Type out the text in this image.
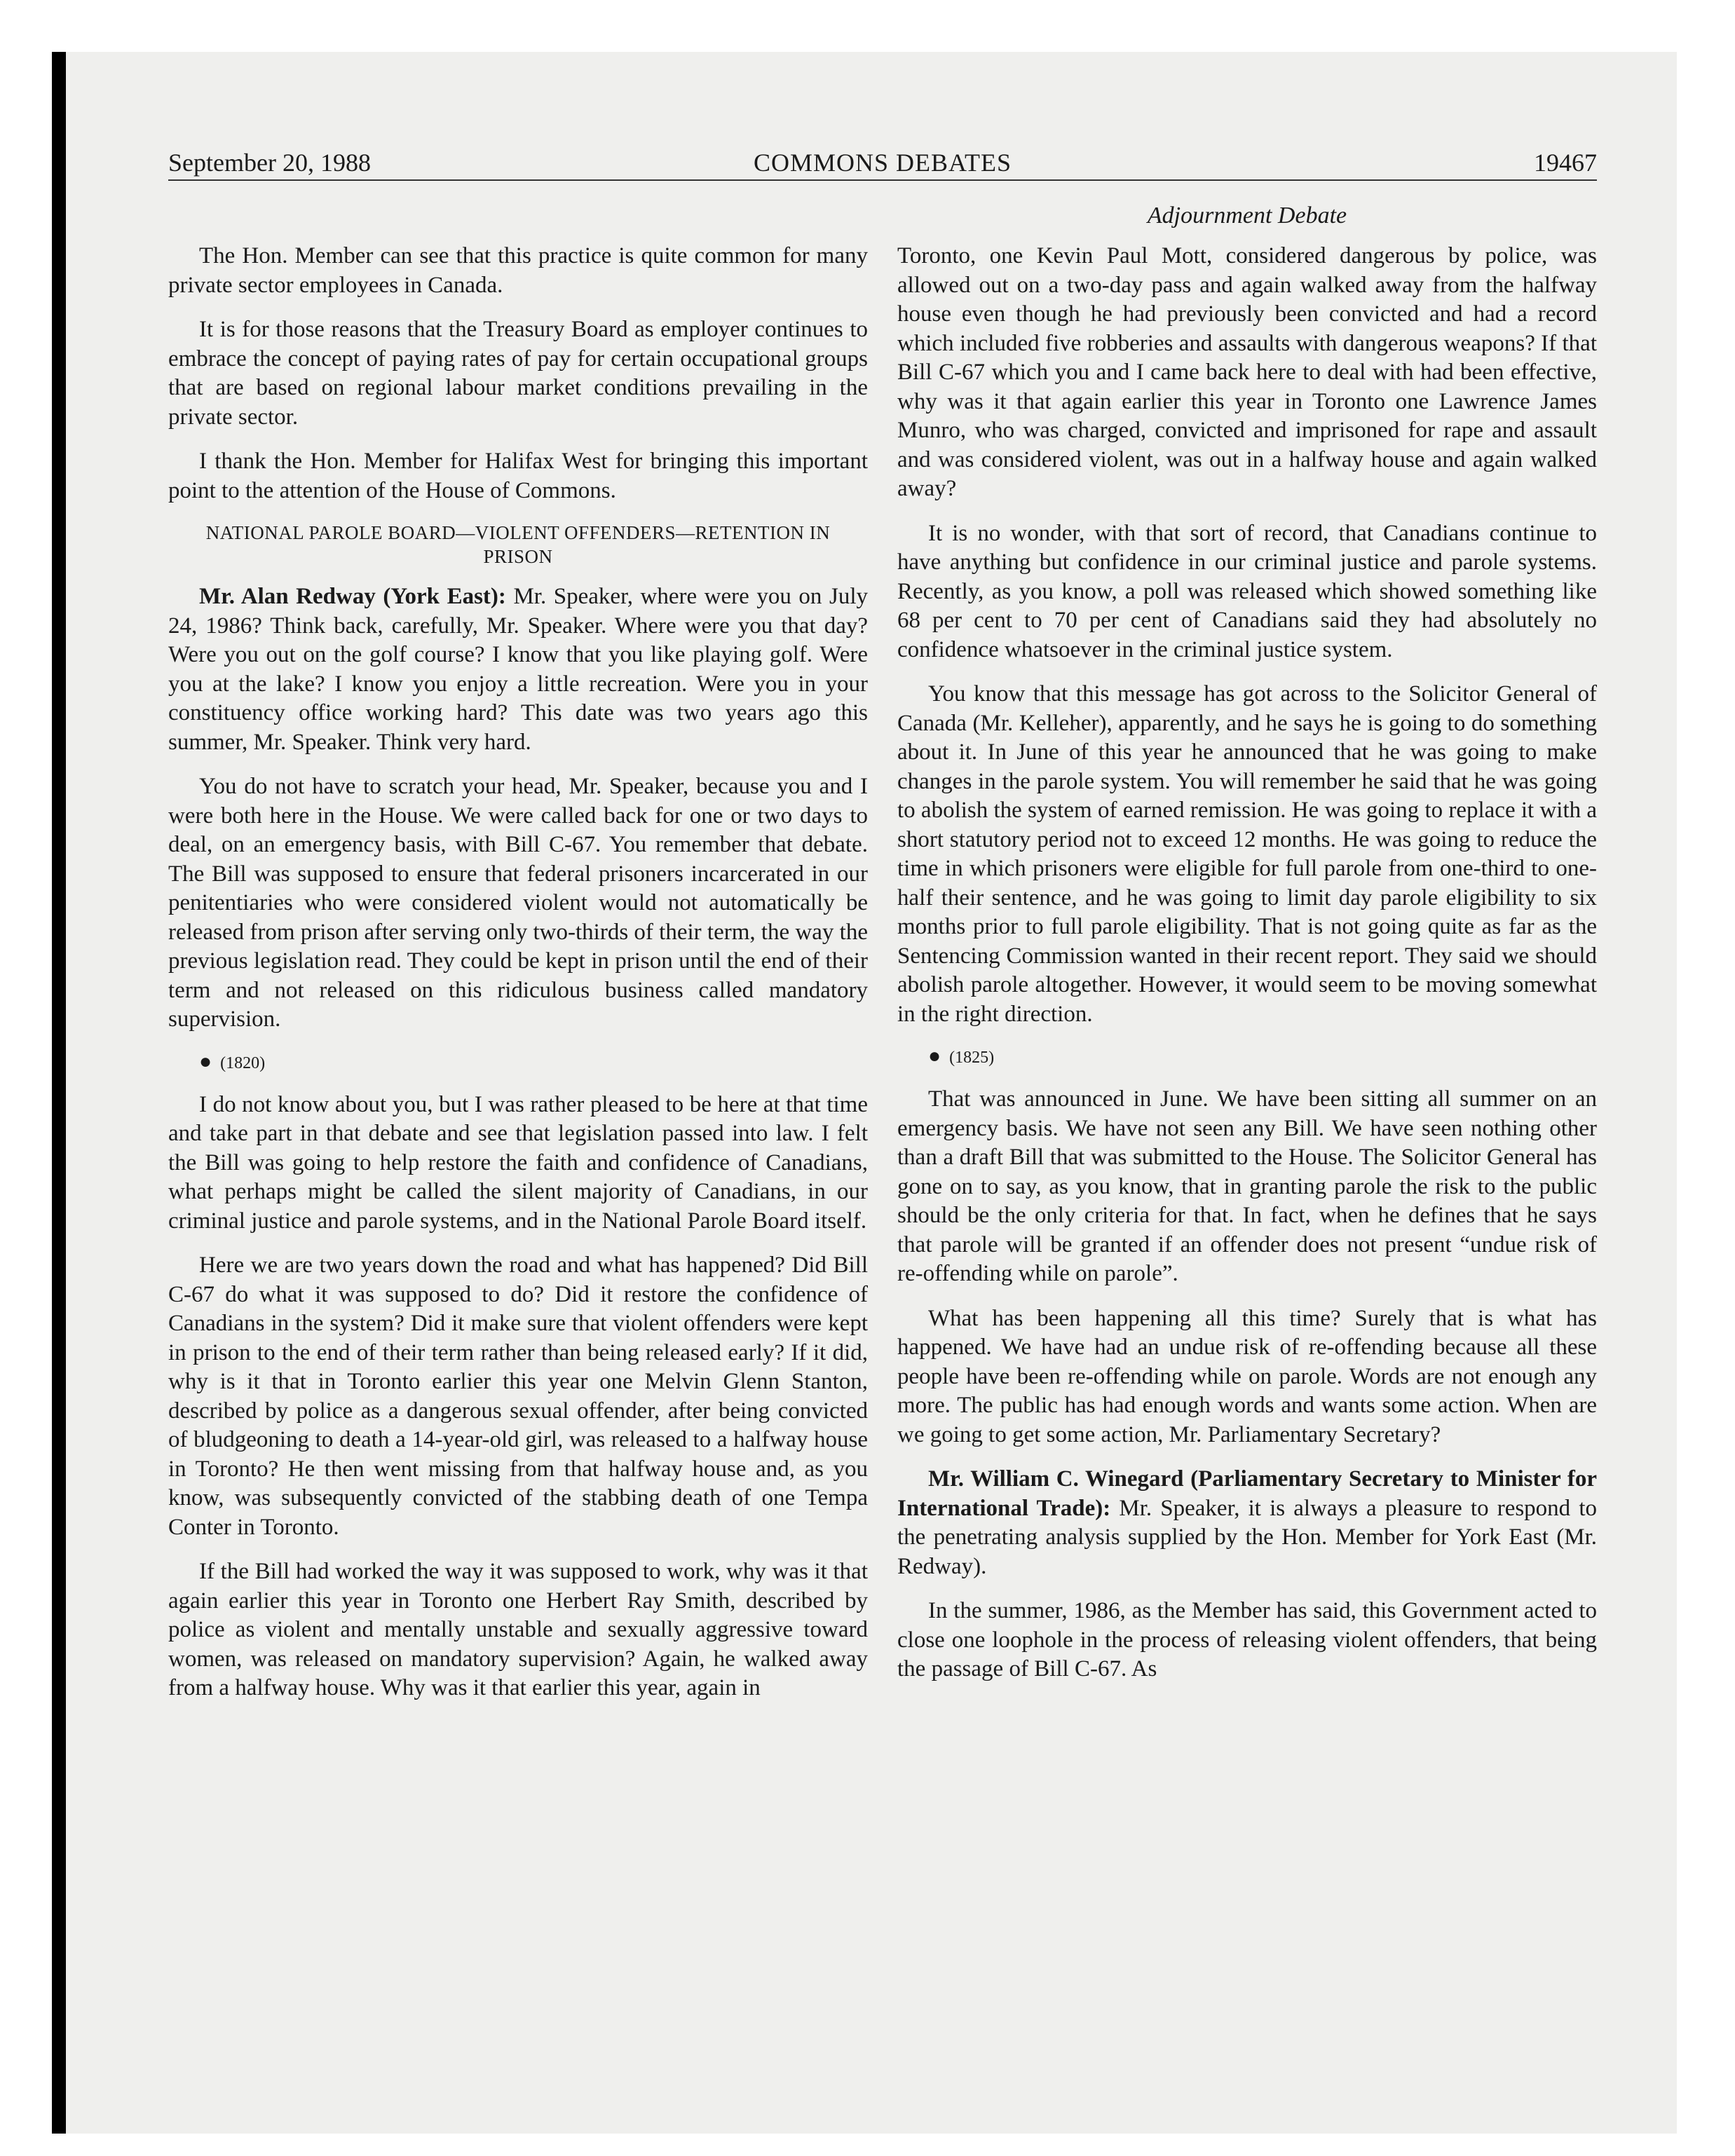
September 20, 1988	COMMONS DEBATES	19467
Adjournment Debate

The Hon. Member can see that this practice is quite common for many private sector employees in Canada.

It is for those reasons that the Treasury Board as employer continues to embrace the concept of paying rates of pay for certain occupational groups that are based on regional labour market conditions prevailing in the private sector.

I thank the Hon. Member for Halifax West for bringing this important point to the attention of the House of Commons.

NATIONAL PAROLE BOARD—VIOLENT OFFENDERS—RETENTION IN PRISON

Mr. Alan Redway (York East): Mr. Speaker, where were you on July 24, 1986? Think back, carefully, Mr. Speaker. Where were you that day? Were you out on the golf course? I know that you like playing golf. Were you at the lake? I know you enjoy a little recreation. Were you in your constituency office working hard? This date was two years ago this summer, Mr. Speaker. Think very hard.

You do not have to scratch your head, Mr. Speaker, because you and I were both here in the House. We were called back for one or two days to deal, on an emergency basis, with Bill C-67. You remember that debate. The Bill was supposed to ensure that federal prisoners incarcerated in our penitentiaries who were considered violent would not automatically be released from prison after serving only two-thirds of their term, the way the previous legislation read. They could be kept in prison until the end of their term and not released on this ridiculous business called mandatory supervision.

● (1820)

I do not know about you, but I was rather pleased to be here at that time and take part in that debate and see that legislation passed into law. I felt the Bill was going to help restore the faith and confidence of Canadians, what perhaps might be called the silent majority of Canadians, in our criminal justice and parole systems, and in the National Parole Board itself.

Here we are two years down the road and what has happened? Did Bill C-67 do what it was supposed to do? Did it restore the confidence of Canadians in the system? Did it make sure that violent offenders were kept in prison to the end of their term rather than being released early? If it did, why is it that in Toronto earlier this year one Melvin Glenn Stanton, described by police as a dangerous sexual offender, after being convicted of bludgeoning to death a 14-year-old girl, was released to a halfway house in Toronto? He then went missing from that halfway house and, as you know, was subsequently convicted of the stabbing death of one Tempa Conter in Toronto.

If the Bill had worked the way it was supposed to work, why was it that again earlier this year in Toronto one Herbert Ray Smith, described by police as violent and mentally unstable and sexually aggressive toward women, was released on mandatory supervision? Again, he walked away from a halfway house. Why was it that earlier this year, again in

Toronto, one Kevin Paul Mott, considered dangerous by police, was allowed out on a two-day pass and again walked away from the halfway house even though he had previously been convicted and had a record which included five robberies and assaults with dangerous weapons? If that Bill C-67 which you and I came back here to deal with had been effective, why was it that again earlier this year in Toronto one Lawrence James Munro, who was charged, convicted and imprisoned for rape and assault and was considered violent, was out in a halfway house and again walked away?

It is no wonder, with that sort of record, that Canadians continue to have anything but confidence in our criminal justice and parole systems. Recently, as you know, a poll was released which showed something like 68 per cent to 70 per cent of Canadians said they had absolutely no confidence whatsoever in the criminal justice system.

You know that this message has got across to the Solicitor General of Canada (Mr. Kelleher), apparently, and he says he is going to do something about it. In June of this year he announced that he was going to make changes in the parole system. You will remember he said that he was going to abolish the system of earned remission. He was going to replace it with a short statutory period not to exceed 12 months. He was going to reduce the time in which prisoners were eligible for full parole from one-third to one-half their sentence, and he was going to limit day parole eligibility to six months prior to full parole eligibility. That is not going quite as far as the Sentencing Commission wanted in their recent report. They said we should abolish parole altogether. However, it would seem to be moving somewhat in the right direction.

● (1825)

That was announced in June. We have been sitting all summer on an emergency basis. We have not seen any Bill. We have seen nothing other than a draft Bill that was submitted to the House. The Solicitor General has gone on to say, as you know, that in granting parole the risk to the public should be the only criteria for that. In fact, when he defines that he says that parole will be granted if an offender does not present “undue risk of re-offending while on parole”.

What has been happening all this time? Surely that is what has happened. We have had an undue risk of re-offending because all these people have been re-offending while on parole. Words are not enough any more. The public has had enough words and wants some action. When are we going to get some action, Mr. Parliamentary Secretary?

Mr. William C. Winegard (Parliamentary Secretary to Minister for International Trade): Mr. Speaker, it is always a pleasure to respond to the penetrating analysis supplied by the Hon. Member for York East (Mr. Redway).

In the summer, 1986, as the Member has said, this Government acted to close one loophole in the process of releasing violent offenders, that being the passage of Bill C-67. As
